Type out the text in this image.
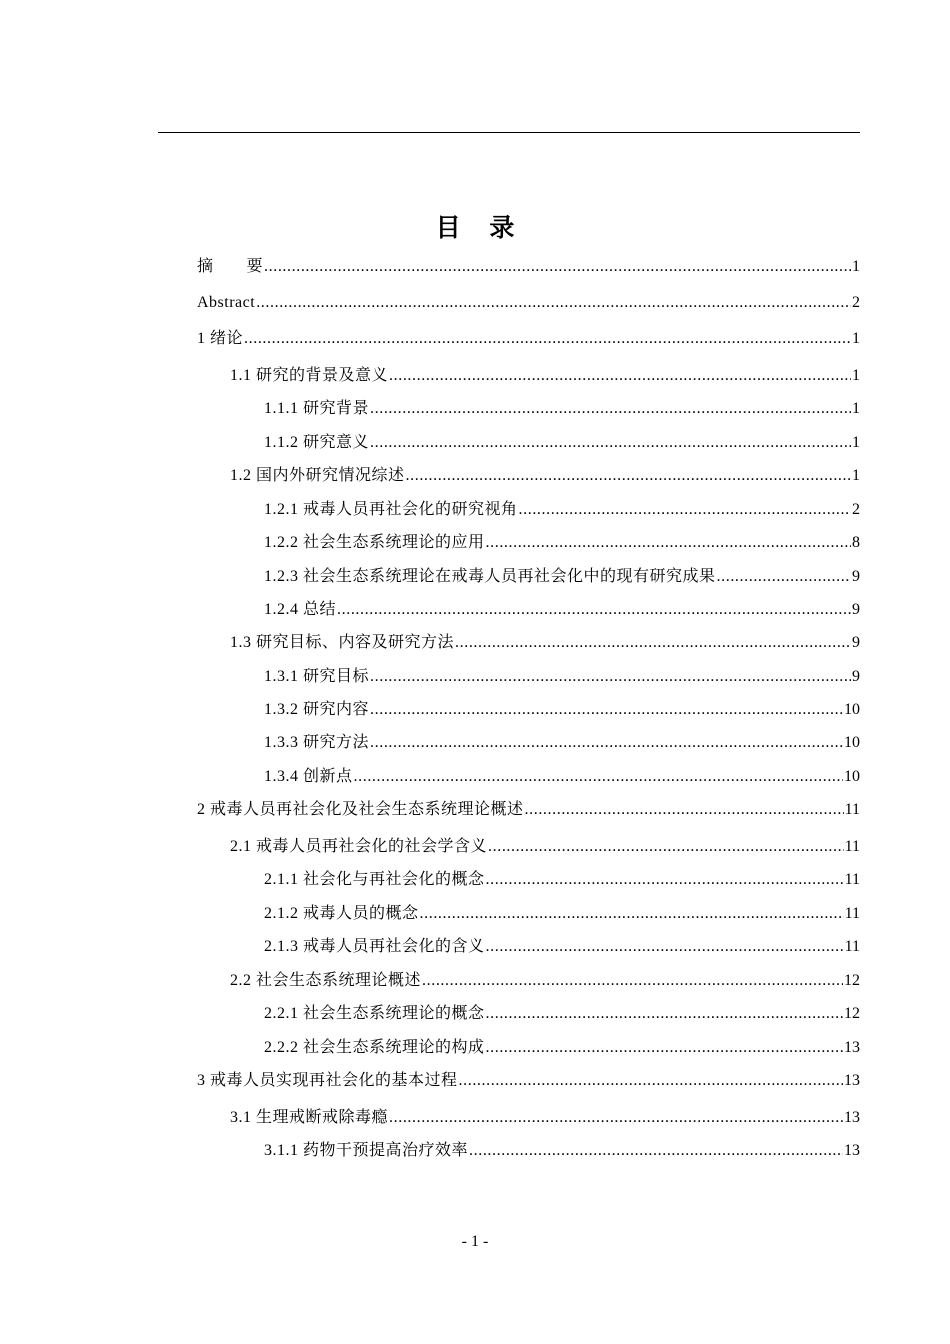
目 录
摘　　要 .....	1
Abstract .....	2
1 绪论 .....	1
1.1 研究的背景及意义 .....	1
1.1.1 研究背景 .....	1
1.1.2 研究意义 .....	1
1.2 国内外研究情况综述 .....	1
1.2.1 戒毒人员再社会化的研究视角 .....	2
1.2.2 社会生态系统理论的应用 .....	8
1.2.3 社会生态系统理论在戒毒人员再社会化中的现有研究成果 .....	9
1.2.4 总结 .....	9
1.3 研究目标、内容及研究方法 .....	9
1.3.1 研究目标 .....	9
1.3.2 研究内容 .....	10
1.3.3 研究方法 .....	10
1.3.4 创新点 .....	10
2 戒毒人员再社会化及社会生态系统理论概述 .....	11
2.1 戒毒人员再社会化的社会学含义 .....	11
2.1.1 社会化与再社会化的概念 .....	11
2.1.2 戒毒人员的概念 .....	11
2.1.3 戒毒人员再社会化的含义 .....	11
2.2 社会生态系统理论概述 .....	12
2.2.1 社会生态系统理论的概念 .....	12
2.2.2 社会生态系统理论的构成 .....	13
3 戒毒人员实现再社会化的基本过程 .....	13
3.1 生理戒断戒除毒瘾 .....	13
3.1.1 药物干预提高治疗效率 .....	13
- 1 -
